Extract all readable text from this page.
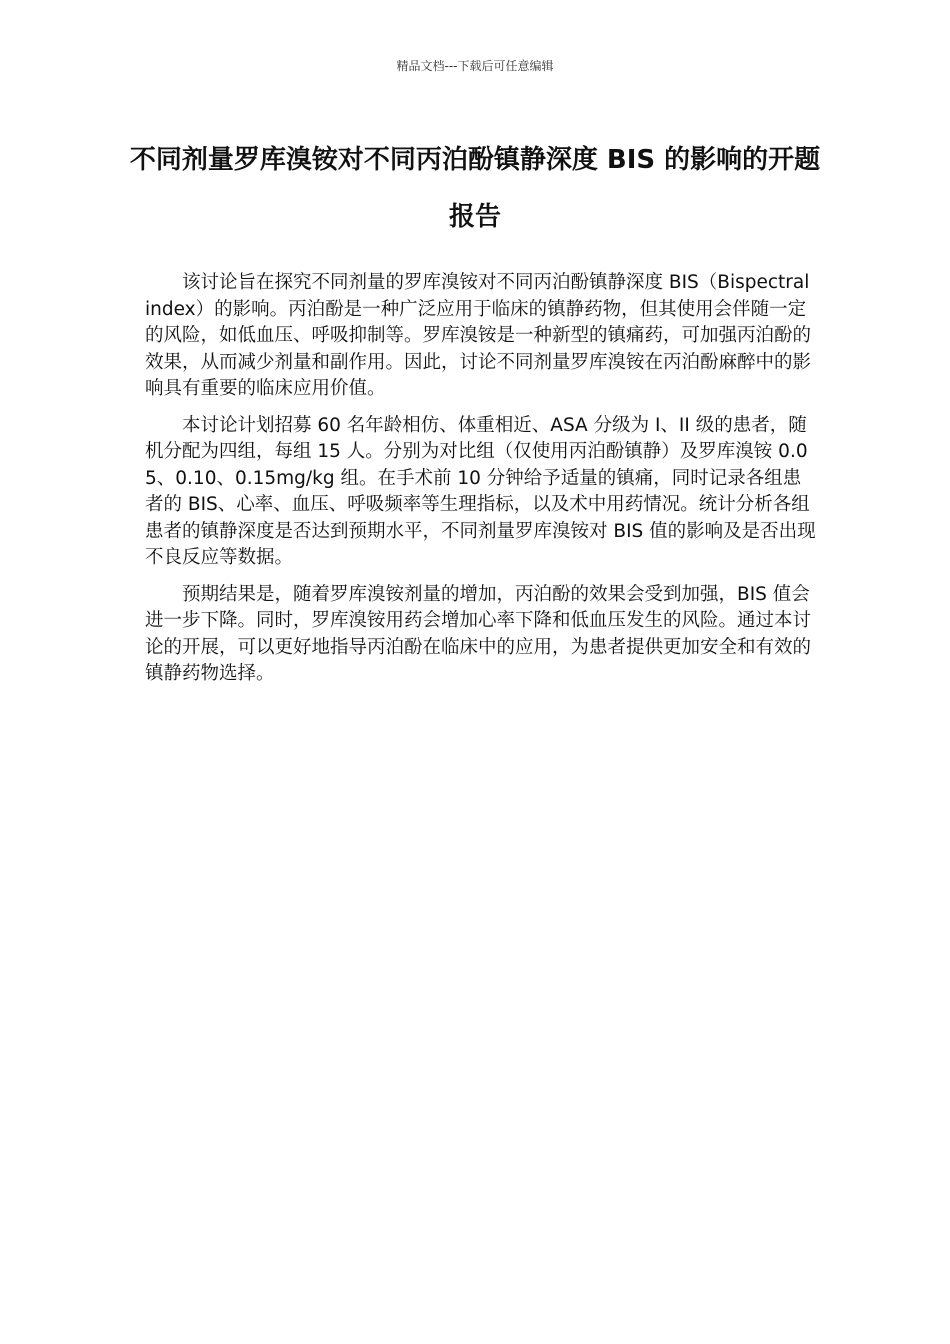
精品文档---下载后可任意编辑
不同剂量罗库溴铵对不同丙泊酚镇静深度 BIS 的影响的开题报告

该讨论旨在探究不同剂量的罗库溴铵对不同丙泊酚镇静深度 BIS（Bispectral index）的影响。丙泊酚是一种广泛应用于临床的镇静药物，但其使用会伴随一定的风险，如低血压、呼吸抑制等。罗库溴铵是一种新型的镇痛药，可加强丙泊酚的效果，从而减少剂量和副作用。因此，讨论不同剂量罗库溴铵在丙泊酚麻醉中的影响具有重要的临床应用价值。

本讨论计划招募 60 名年龄相仿、体重相近、ASA 分级为 I、II 级的患者，随机分配为四组，每组 15 人。分别为对比组（仅使用丙泊酚镇静）及罗库溴铵 0.05、0.10、0.15mg/kg 组。在手术前 10 分钟给予适量的镇痛，同时记录各组患者的 BIS、心率、血压、呼吸频率等生理指标，以及术中用药情况。统计分析各组患者的镇静深度是否达到预期水平，不同剂量罗库溴铵对 BIS 值的影响及是否出现不良反应等数据。

预期结果是，随着罗库溴铵剂量的增加，丙泊酚的效果会受到加强，BIS 值会进一步下降。同时，罗库溴铵用药会增加心率下降和低血压发生的风险。通过本讨论的开展，可以更好地指导丙泊酚在临床中的应用，为患者提供更加安全和有效的镇静药物选择。
